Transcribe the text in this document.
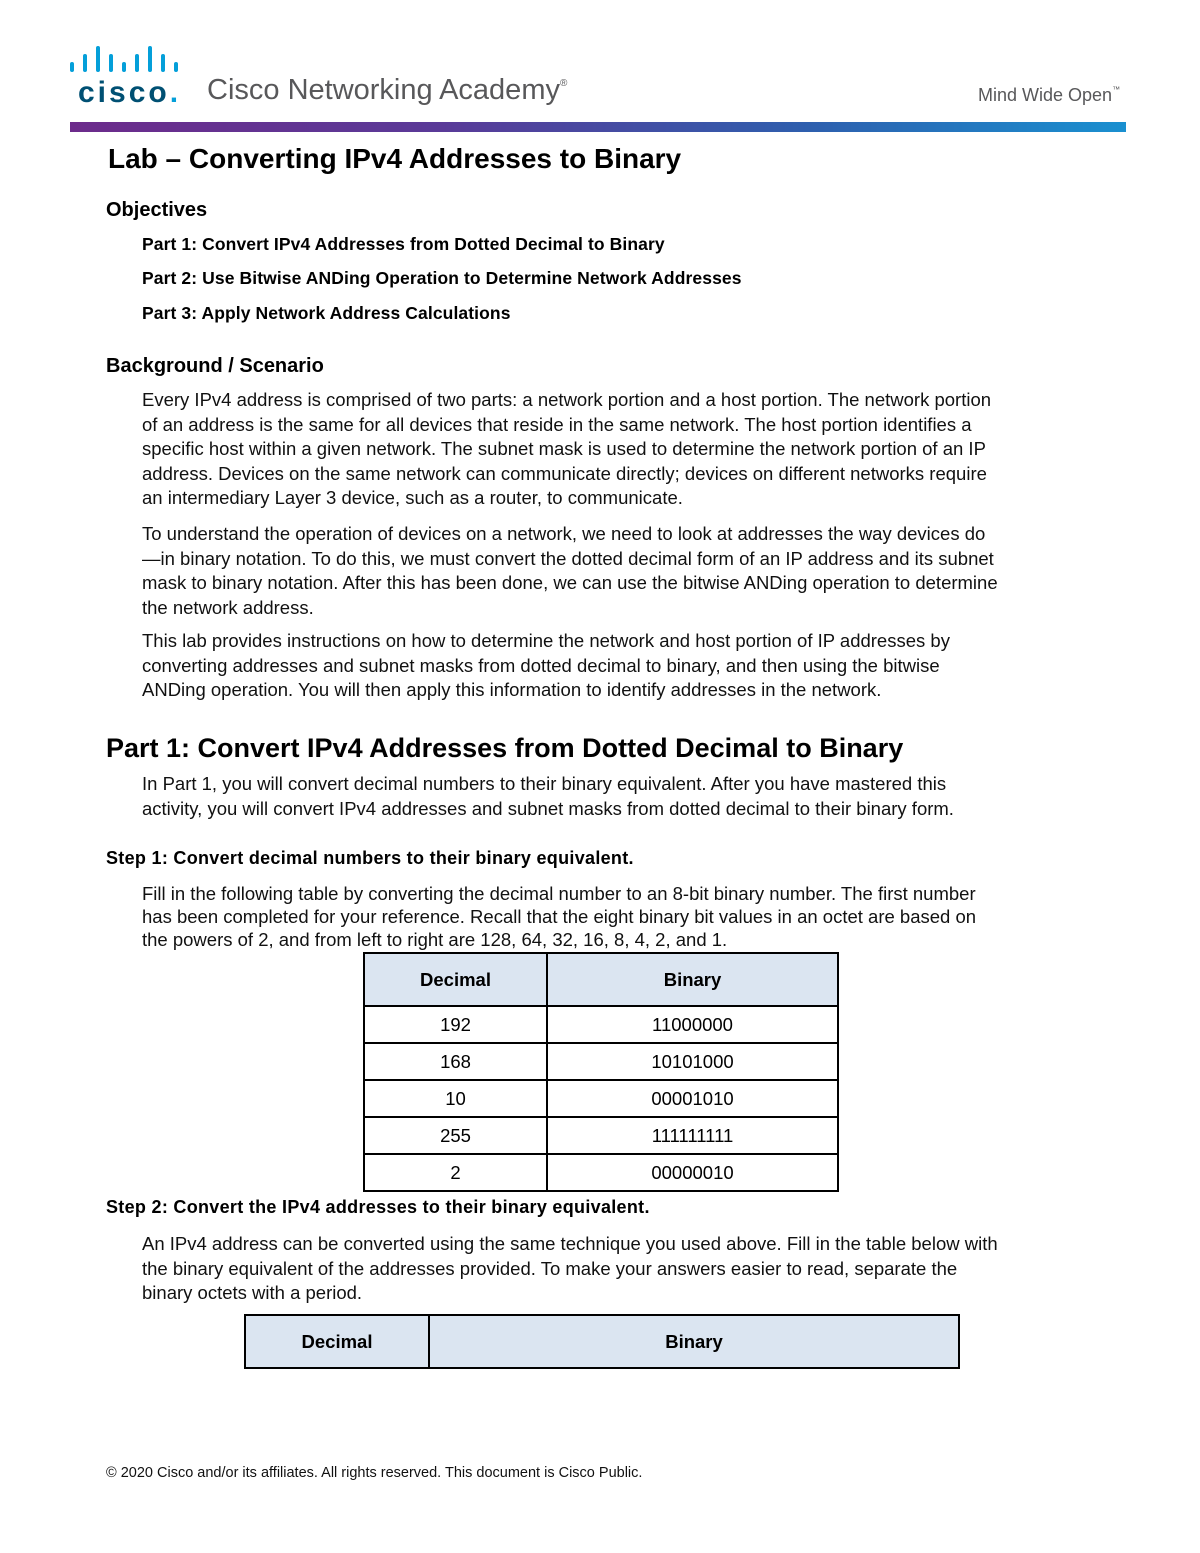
cisco. Cisco Networking Academy®
Mind Wide Open™
Lab – Converting IPv4 Addresses to Binary
Objectives
Part 1: Convert IPv4 Addresses from Dotted Decimal to Binary
Part 2: Use Bitwise ANDing Operation to Determine Network Addresses
Part 3: Apply Network Address Calculations
Background / Scenario
Every IPv4 address is comprised of two parts: a network portion and a host portion. The network portion
of an address is the same for all devices that reside in the same network. The host portion identifies a
specific host within a given network. The subnet mask is used to determine the network portion of an IP
address. Devices on the same network can communicate directly; devices on different networks require
an intermediary Layer 3 device, such as a router, to communicate.
To understand the operation of devices on a network, we need to look at addresses the way devices do
—in binary notation. To do this, we must convert the dotted decimal form of an IP address and its subnet
mask to binary notation. After this has been done, we can use the bitwise ANDing operation to determine
the network address.
This lab provides instructions on how to determine the network and host portion of IP addresses by
converting addresses and subnet masks from dotted decimal to binary, and then using the bitwise
ANDing operation. You will then apply this information to identify addresses in the network.
Part 1: Convert IPv4 Addresses from Dotted Decimal to Binary
In Part 1, you will convert decimal numbers to their binary equivalent. After you have mastered this
activity, you will convert IPv4 addresses and subnet masks from dotted decimal to their binary form.
Step 1: Convert decimal numbers to their binary equivalent.
Fill in the following table by converting the decimal number to an 8-bit binary number. The first number
has been completed for your reference. Recall that the eight binary bit values in an octet are based on
the powers of 2, and from left to right are 128, 64, 32, 16, 8, 4, 2, and 1.
Decimal	Binary
192	11000000
168	10101000
10	00001010
255	111111111
2	00000010
Step 2: Convert the IPv4 addresses to their binary equivalent.
An IPv4 address can be converted using the same technique you used above. Fill in the table below with
the binary equivalent of the addresses provided. To make your answers easier to read, separate the
binary octets with a period.
Decimal	Binary
© 2020 Cisco and/or its affiliates. All rights reserved. This document is Cisco Public.
